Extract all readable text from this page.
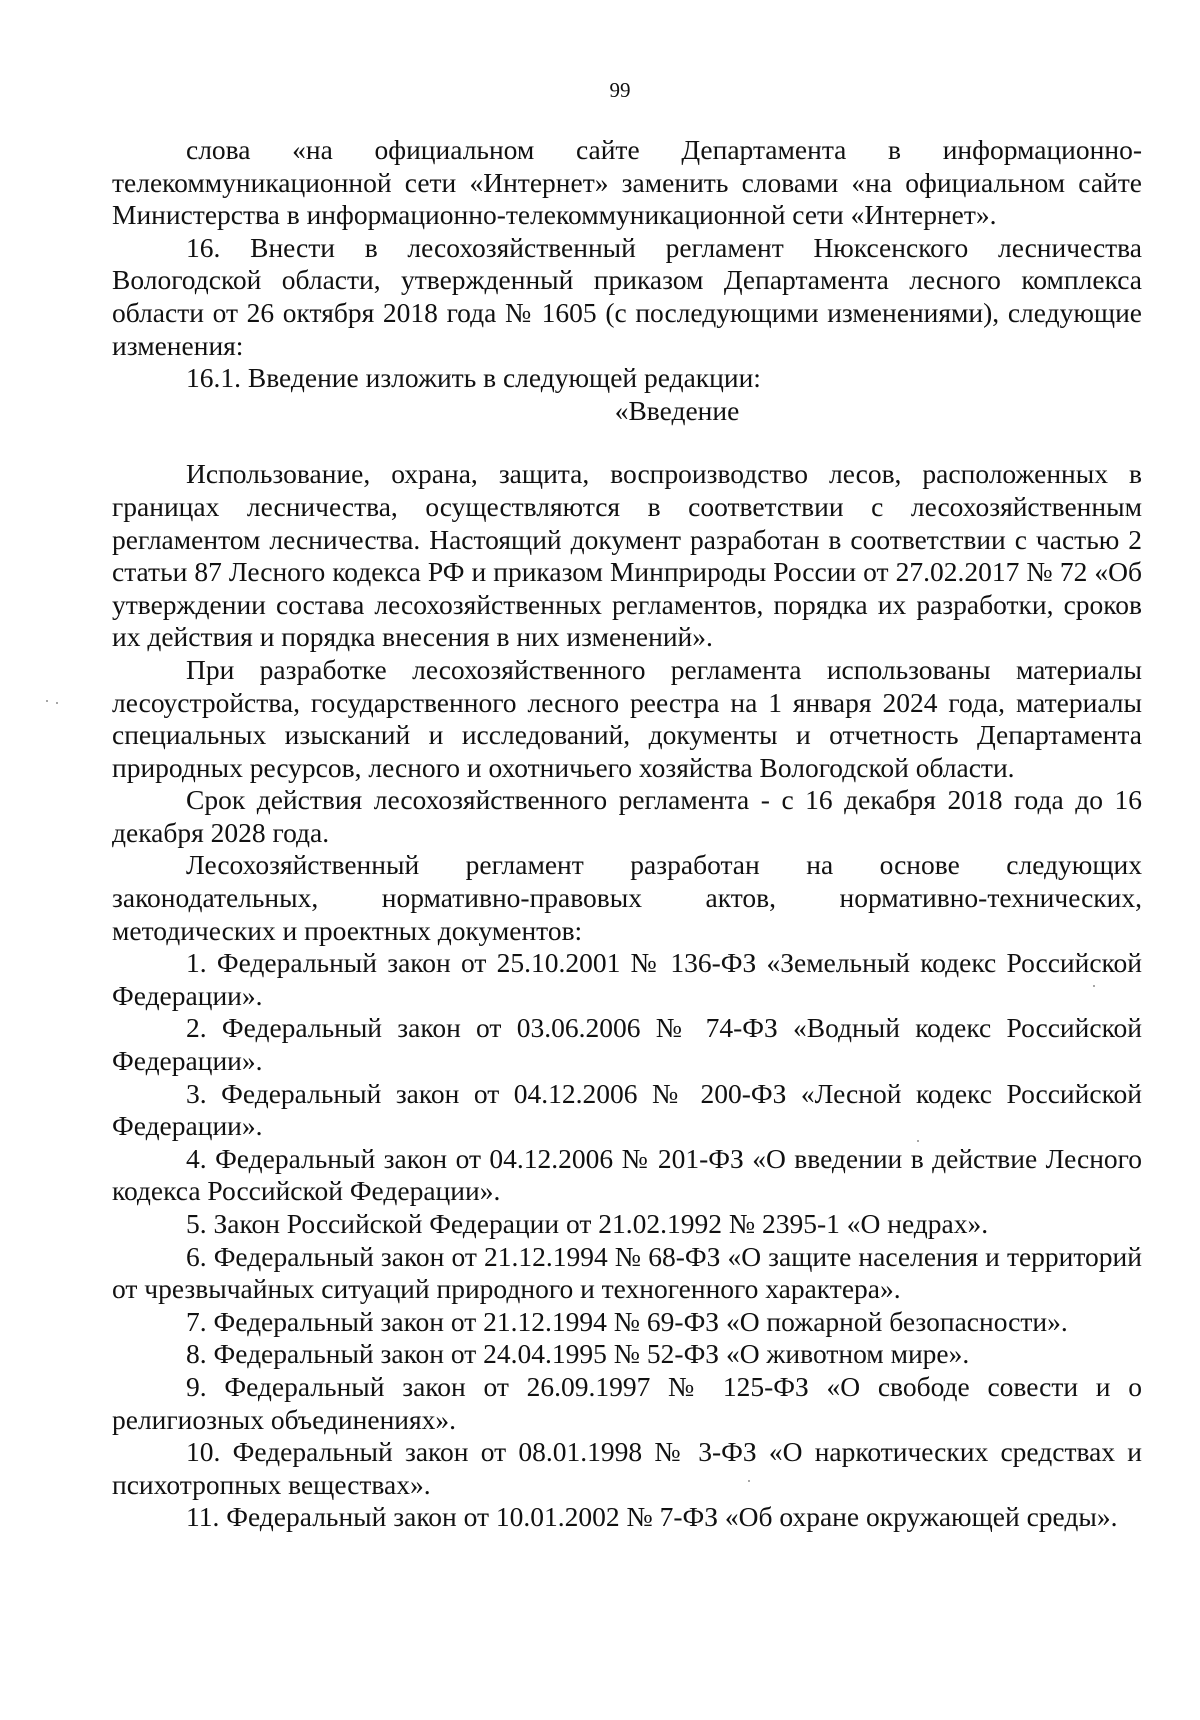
99

слова «на официальном сайте Департамента в информационно-телекоммуникационной сети «Интернет» заменить словами «на официальном сайте Министерства в информационно-телекоммуникационной сети «Интернет».

16. Внести в лесохозяйственный регламент Нюксенского лесничества Вологодской области, утвержденный приказом Департамента лесного комплекса области от 26 октября 2018 года № 1605 (с последующими изменениями), следующие изменения:

16.1. Введение изложить в следующей редакции:

«Введение

Использование, охрана, защита, воспроизводство лесов, расположенных в границах лесничества, осуществляются в соответствии с лесохозяйственным регламентом лесничества. Настоящий документ разработан в соответствии с частью 2 статьи 87 Лесного кодекса РФ и приказом Минприроды России от 27.02.2017 № 72 «Об утверждении состава лесохозяйственных регламентов, порядка их разработки, сроков их действия и порядка внесения в них изменений».

При разработке лесохозяйственного регламента использованы материалы лесоустройства, государственного лесного реестра на 1 января 2024 года, материалы специальных изысканий и исследований, документы и отчетность Департамента природных ресурсов, лесного и охотничьего хозяйства Вологодской области.

Срок действия лесохозяйственного регламента - с 16 декабря 2018 года до 16 декабря 2028 года.

Лесохозяйственный регламент разработан на основе следующих законодательных, нормативно-правовых актов, нормативно-технических, методических и проектных документов:

1. Федеральный закон от 25.10.2001 № 136-ФЗ «Земельный кодекс Российской Федерации».

2. Федеральный закон от 03.06.2006 № 74-ФЗ «Водный кодекс Российской Федерации».

3. Федеральный закон от 04.12.2006 № 200-ФЗ «Лесной кодекс Российской Федерации».

4. Федеральный закон от 04.12.2006 № 201-ФЗ «О введении в действие Лесного кодекса Российской Федерации».

5. Закон Российской Федерации от 21.02.1992 № 2395-1 «О недрах».

6. Федеральный закон от 21.12.1994 № 68-ФЗ «О защите населения и территорий от чрезвычайных ситуаций природного и техногенного характера».

7. Федеральный закон от 21.12.1994 № 69-ФЗ «О пожарной безопасности».

8. Федеральный закон от 24.04.1995 № 52-ФЗ «О животном мире».

9. Федеральный закон от 26.09.1997 № 125-ФЗ «О свободе совести и о религиозных объединениях».

10. Федеральный закон от 08.01.1998 № 3-ФЗ «О наркотических средствах и психотропных веществах».

11. Федеральный закон от 10.01.2002 № 7-ФЗ «Об охране окружающей среды».
